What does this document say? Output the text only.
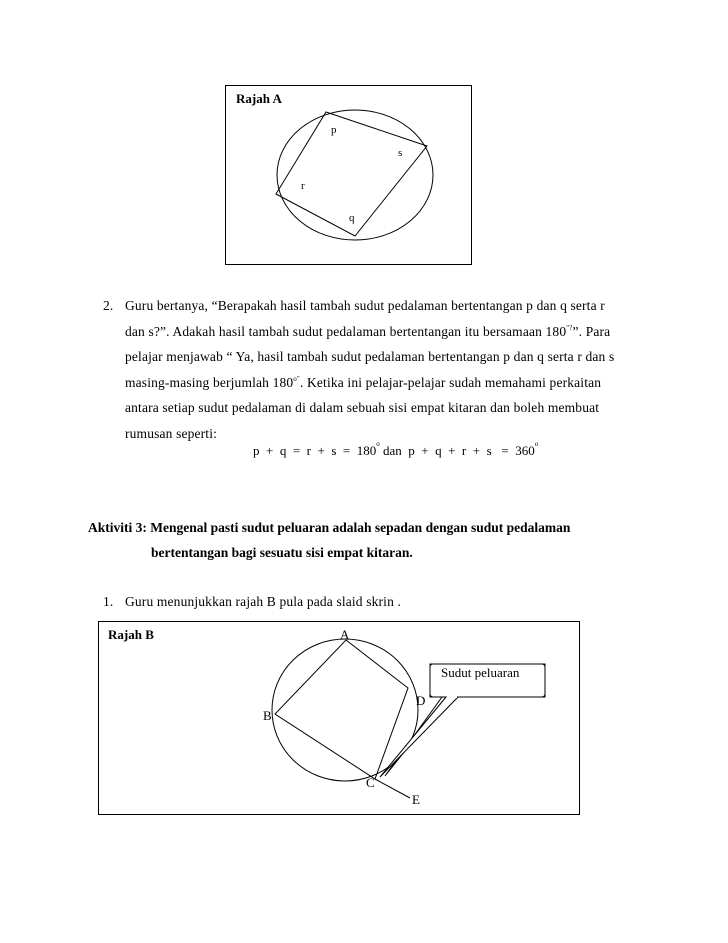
Rajah A
p
s
r
q
2. Guru bertanya, “Berapakah hasil tambah sudut pedalaman bertentangan p dan q serta r
dan s?”. Adakah hasil tambah sudut pedalaman bertentangan itu bersamaan 180"?”. Para
pelajar menjawab “ Ya, hasil tambah sudut pedalaman bertentangan p dan q serta r dan s
masing-masing berjumlah $180^{o"}$. Ketika ini pelajar-pelajar sudah memahami perkaitan
antara setiap sudut pedalaman di dalam sebuah sisi empat kitaran dan boleh membuat
rumusan seperti:
p  +  q  =  r  +  s  =  180$^o$ dan  p  +  q  +  r  +  s   =  360$^o$
Aktiviti 3: Mengenal pasti sudut peluaran adalah sepadan dengan sudut pedalaman
bertentangan bagi sesuatu sisi empat kitaran.
1. Guru menunjukkan rajah B pula pada slaid skrin .
Rajah B
Sudut peluaran
A
D
B
C
E
